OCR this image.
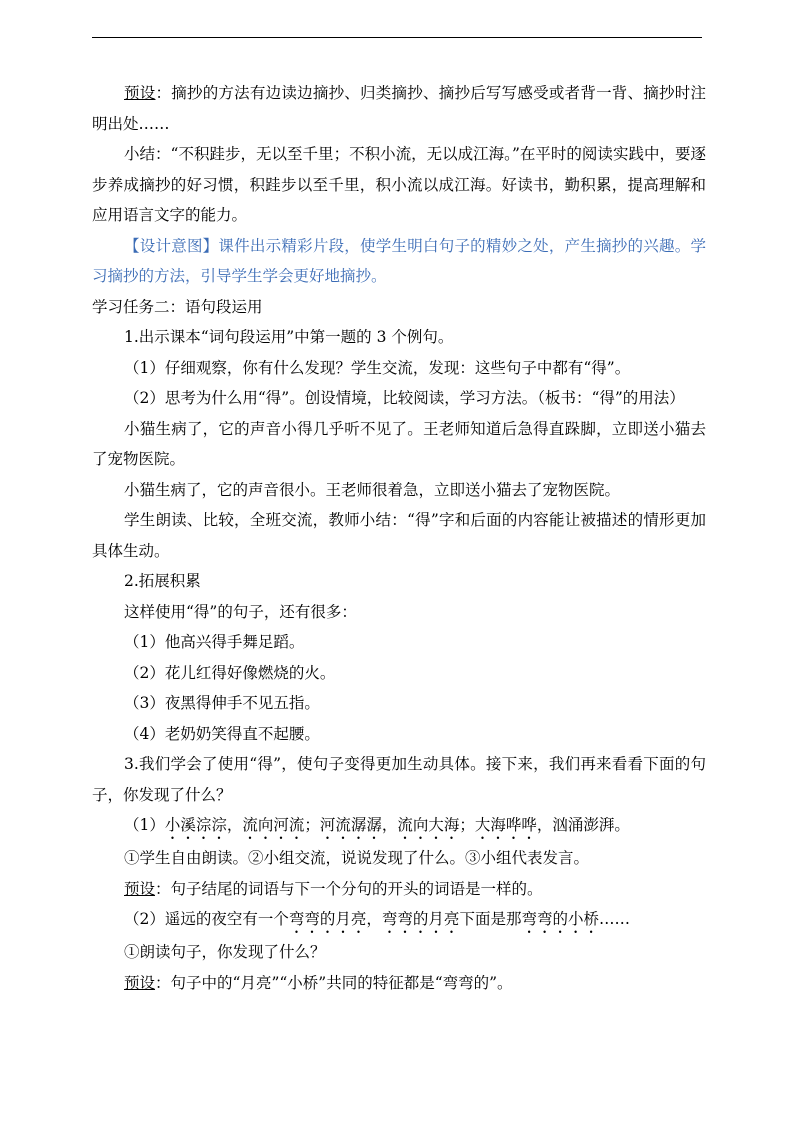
预设：摘抄的方法有边读边摘抄、归类摘抄、摘抄后写写感受或者背一背、摘抄时注明出处……

小结：“不积跬步，无以至千里；不积小流，无以成江海。”在平时的阅读实践中，要逐步养成摘抄的好习惯，积跬步以至千里，积小流以成江海。好读书，勤积累，提高理解和应用语言文字的能力。

【设计意图】课件出示精彩片段，使学生明白句子的精妙之处，产生摘抄的兴趣。学习摘抄的方法，引导学生学会更好地摘抄。

学习任务二：语句段运用

1.出示课本“词句段运用”中第一题的 3 个例句。

（1）仔细观察，你有什么发现？学生交流，发现：这些句子中都有“得”。

（2）思考为什么用“得”。创设情境，比较阅读，学习方法。（板书：“得”的用法）

小猫生病了，它的声音小得几乎听不见了。王老师知道后急得直跺脚，立即送小猫去了宠物医院。

小猫生病了，它的声音很小。王老师很着急，立即送小猫去了宠物医院。

学生朗读、比较，全班交流，教师小结：“得”字和后面的内容能让被描述的情形更加具体生动。

2.拓展积累

这样使用“得”的句子，还有很多：

（1）他高兴得手舞足蹈。

（2）花儿红得好像燃烧的火。

（3）夜黑得伸手不见五指。

（4）老奶奶笑得直不起腰。

3.我们学会了使用“得”，使句子变得更加生动具体。接下来，我们再来看看下面的句子，你发现了什么？

（1）小溪淙淙，流向河流；河流潺潺，流向大海；大海哗哗，汹涌澎湃。

①学生自由朗读。②小组交流，说说发现了什么。③小组代表发言。

预设：句子结尾的词语与下一个分句的开头的词语是一样的。

（2）遥远的夜空有一个弯弯的月亮，弯弯的月亮下面是那弯弯的小桥……

①朗读句子，你发现了什么？

预设：句子中的“月亮”“小桥”共同的特征都是“弯弯的”。
